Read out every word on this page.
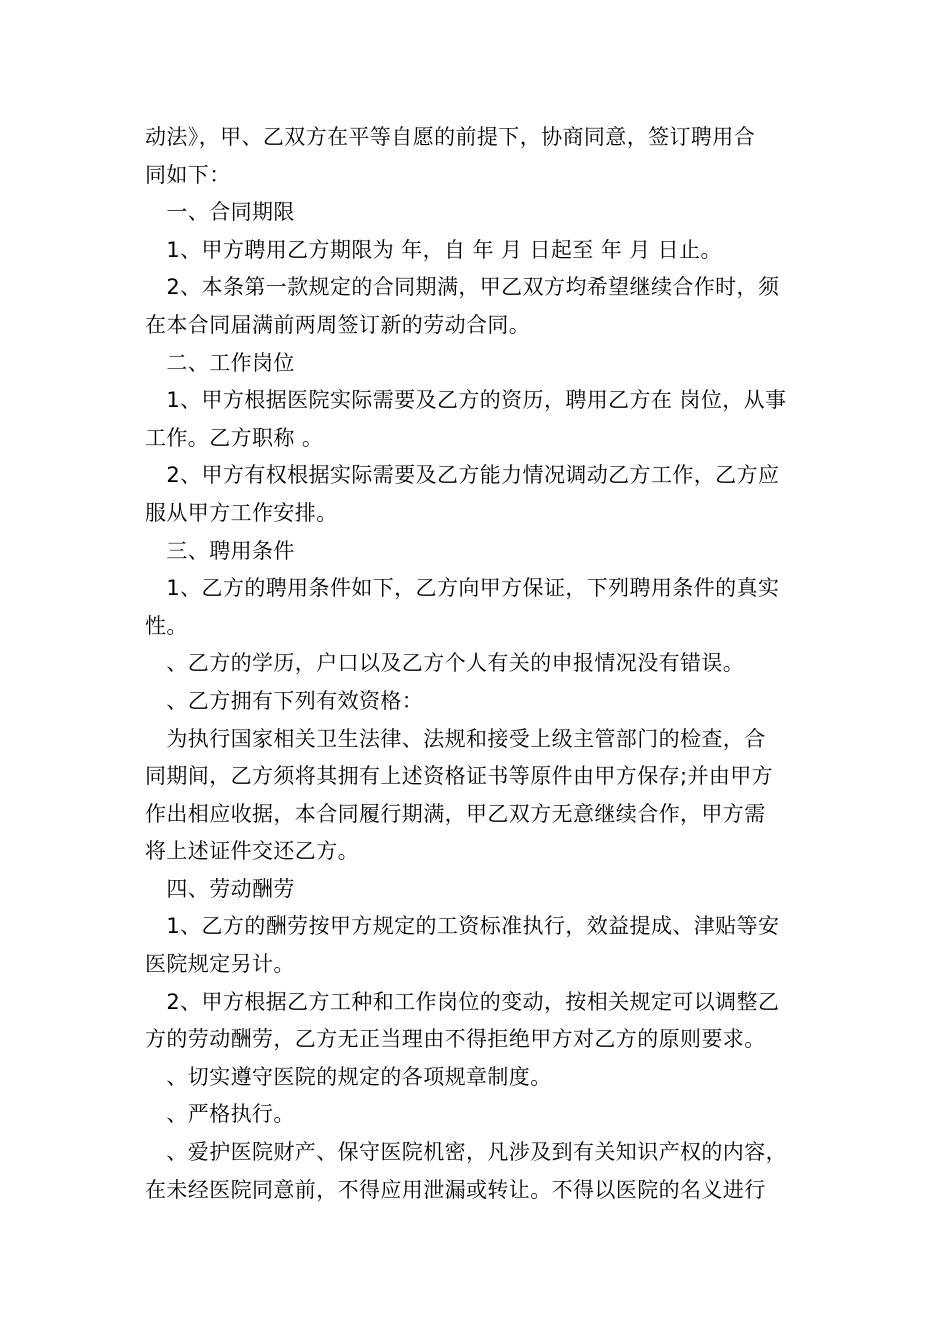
动法》，甲、乙双方在平等自愿的前提下，协商同意，签订聘用合
同如下：
　一、合同期限
　1、甲方聘用乙方期限为 年，自 年 月 日起至 年 月 日止。
　2、本条第一款规定的合同期满，甲乙双方均希望继续合作时，须
在本合同届满前两周签订新的劳动合同。
　二、工作岗位
　1、甲方根据医院实际需要及乙方的资历，聘用乙方在 岗位，从事
工作。乙方职称 。
　2、甲方有权根据实际需要及乙方能力情况调动乙方工作，乙方应
服从甲方工作安排。
　三、聘用条件
　1、乙方的聘用条件如下，乙方向甲方保证，下列聘用条件的真实
性。
　、乙方的学历，户口以及乙方个人有关的申报情况没有错误。
　、乙方拥有下列有效资格：
　为执行国家相关卫生法律、法规和接受上级主管部门的检查，合
同期间，乙方须将其拥有上述资格证书等原件由甲方保存;并由甲方
作出相应收据，本合同履行期满，甲乙双方无意继续合作，甲方需
将上述证件交还乙方。
　四、劳动酬劳
　1、乙方的酬劳按甲方规定的工资标准执行，效益提成、津贴等安
医院规定另计。
　2、甲方根据乙方工种和工作岗位的变动，按相关规定可以调整乙
方的劳动酬劳，乙方无正当理由不得拒绝甲方对乙方的原则要求。
　、切实遵守医院的规定的各项规章制度。
　、严格执行。
　、爱护医院财产、保守医院机密，凡涉及到有关知识产权的内容，
在未经医院同意前，不得应用泄漏或转让。不得以医院的名义进行
